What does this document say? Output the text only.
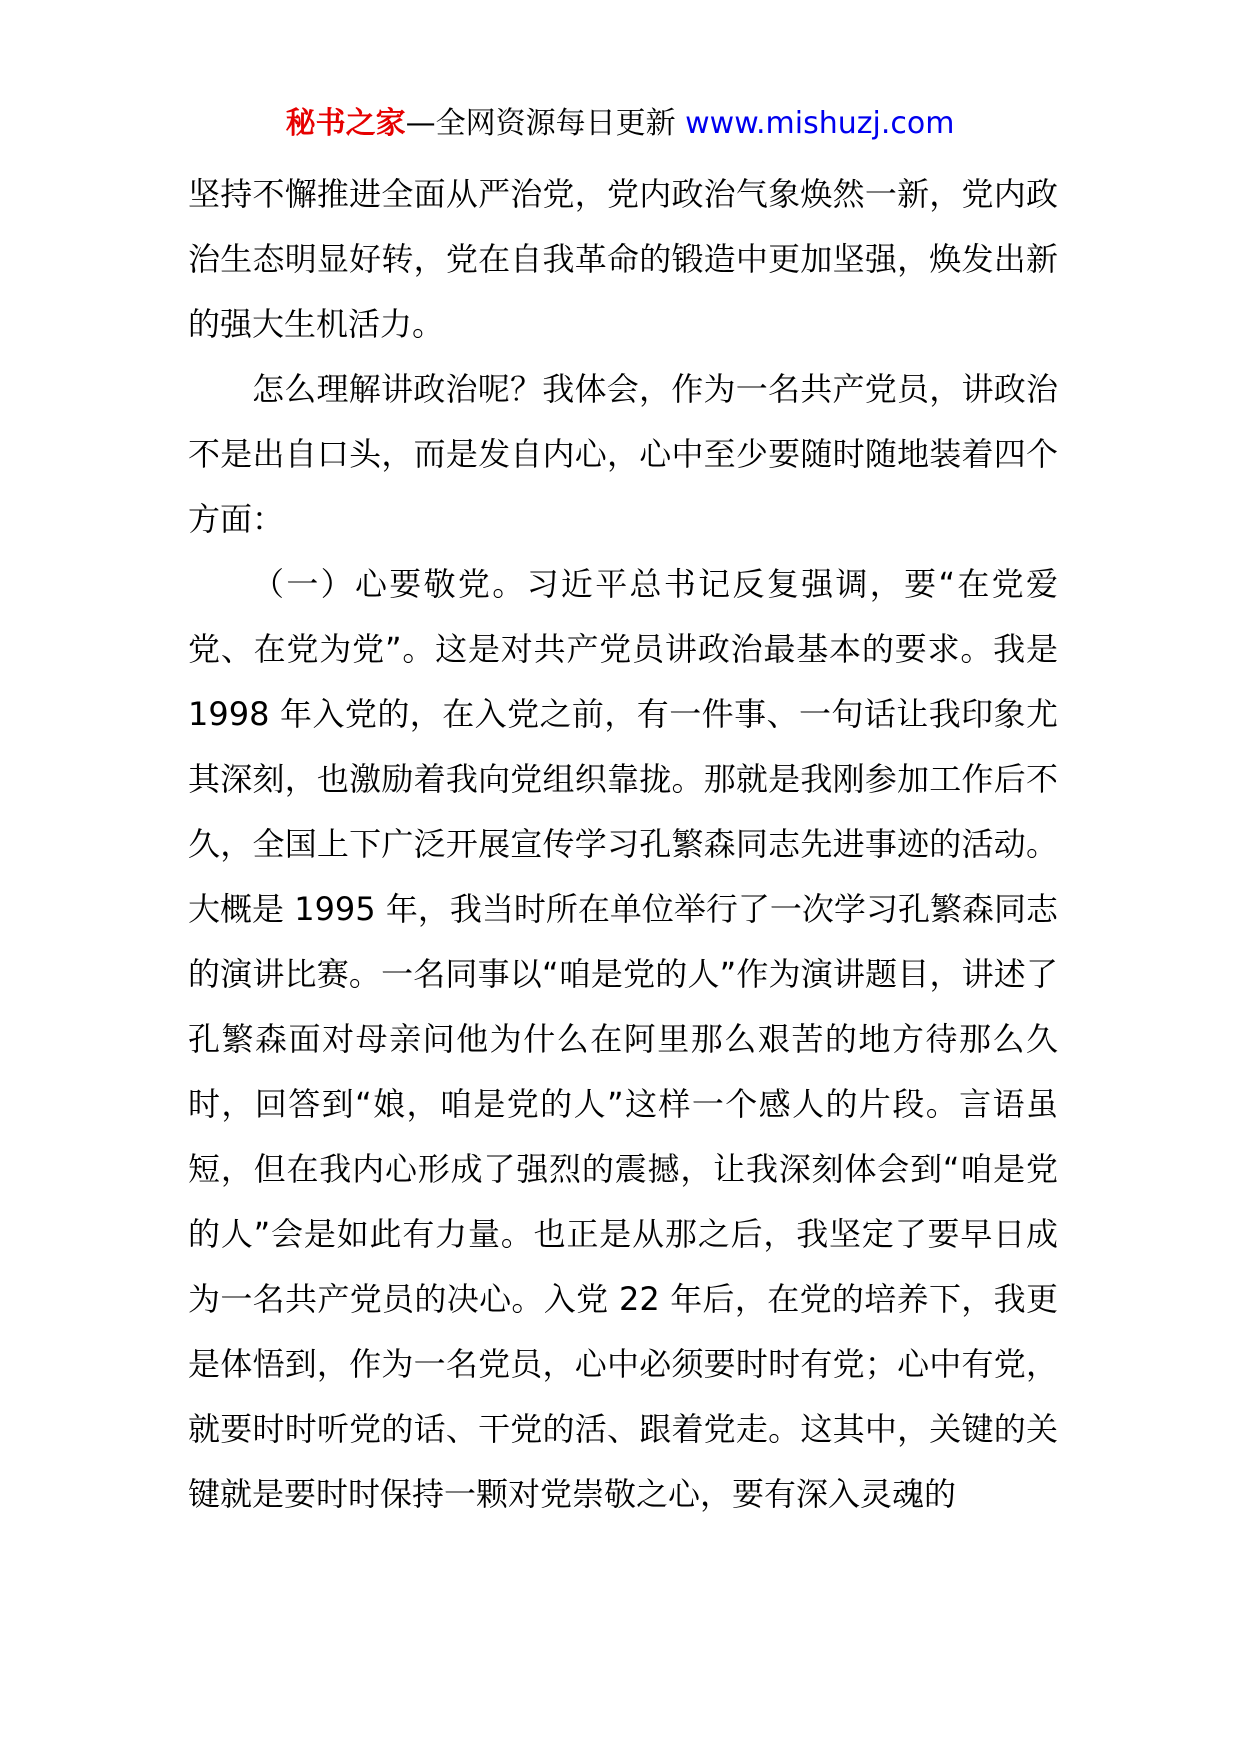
秘书之家—全网资源每日更新 www.mishuzj.com

坚持不懈推进全面从严治党，党内政治气象焕然一新，党内政治生态明显好转，党在自我革命的锻造中更加坚强，焕发出新的强大生机活力。

怎么理解讲政治呢？我体会，作为一名共产党员，讲政治不是出自口头，而是发自内心，心中至少要随时随地装着四个方面：

（一）心要敬党。习近平总书记反复强调，要“在党爱党、在党为党”。这是对共产党员讲政治最基本的要求。我是 1998 年入党的，在入党之前，有一件事、一句话让我印象尤其深刻，也激励着我向党组织靠拢。那就是我刚参加工作后不久，全国上下广泛开展宣传学习孔繁森同志先进事迹的活动。大概是 1995 年，我当时所在单位举行了一次学习孔繁森同志的演讲比赛。一名同事以“咱是党的人”作为演讲题目，讲述了孔繁森面对母亲问他为什么在阿里那么艰苦的地方待那么久时，回答到“娘，咱是党的人”这样一个感人的片段。言语虽短，但在我内心形成了强烈的震撼，让我深刻体会到“咱是党的人”会是如此有力量。也正是从那之后，我坚定了要早日成为一名共产党员的决心。入党 22 年后，在党的培养下，我更是体悟到，作为一名党员，心中必须要时时有党；心中有党，就要时时听党的话、干党的活、跟着党走。这其中，关键的关键就是要时时保持一颗对党崇敬之心，要有深入灵魂的
